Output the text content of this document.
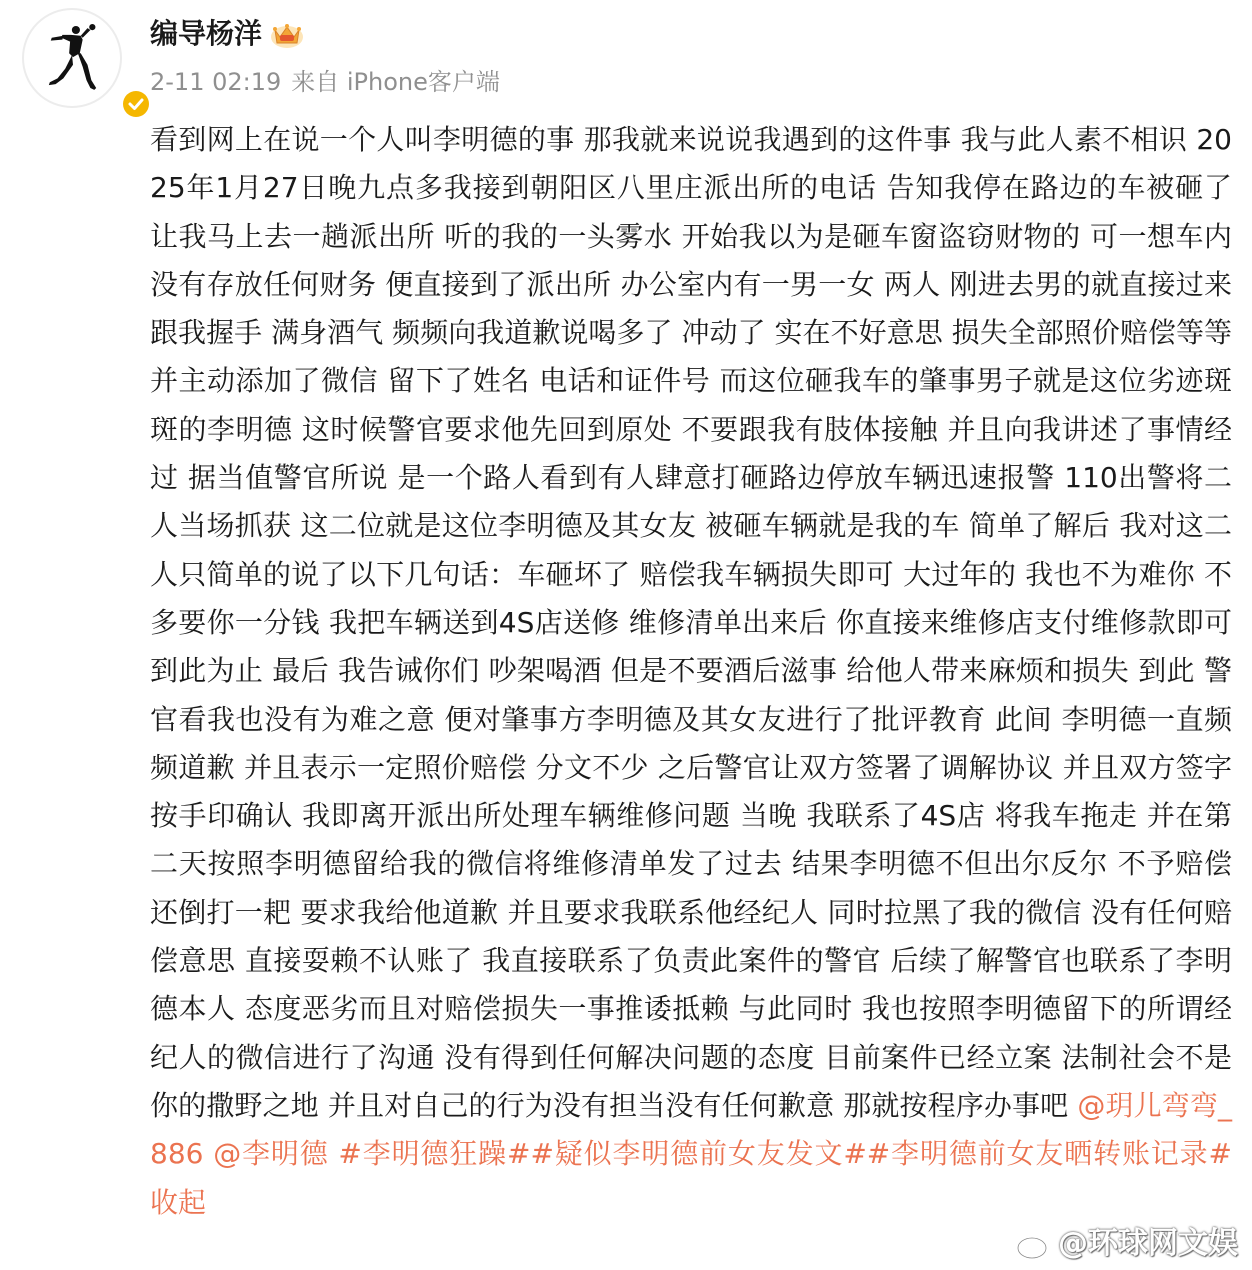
编导杨洋
2-11 02:19 来自 iPhone客户端
看到网上在说一个人叫李明德的事 那我就来说说我遇到的这件事 我与此人素不相识 2025年1月27日晚九点多我接到朝阳区八里庄派出所的电话 告知我停在路边的车被砸了 让我马上去一趟派出所 听的我的一头雾水 开始我以为是砸车窗盗窃财物的 可一想车内没有存放任何财务 便直接到了派出所 办公室内有一男一女 两人 刚进去男的就直接过来跟我握手 满身酒气 频频向我道歉说喝多了 冲动了 实在不好意思 损失全部照价赔偿等等 并主动添加了微信 留下了姓名 电话和证件号 而这位砸我车的肇事男子就是这位劣迹斑斑的李明德 这时候警官要求他先回到原处 不要跟我有肢体接触 并且向我讲述了事情经过 据当值警官所说 是一个路人看到有人肆意打砸路边停放车辆迅速报警 110出警将二人当场抓获 这二位就是这位李明德及其女友 被砸车辆就是我的车 简单了解后 我对这二人只简单的说了以下几句话：车砸坏了 赔偿我车辆损失即可 大过年的 我也不为难你 不多要你一分钱 我把车辆送到4S店送修 维修清单出来后 你直接来维修店支付维修款即可 到此为止 最后 我告诫你们 吵架喝酒 但是不要酒后滋事 给他人带来麻烦和损失 到此 警官看我也没有为难之意 便对肇事方李明德及其女友进行了批评教育 此间 李明德一直频频道歉 并且表示一定照价赔偿 分文不少 之后警官让双方签署了调解协议 并且双方签字按手印确认 我即离开派出所处理车辆维修问题 当晚 我联系了4S店 将我车拖走 并在第二天按照李明德留给我的微信将维修清单发了过去 结果李明德不但出尔反尔 不予赔偿 还倒打一耙 要求我给他道歉 并且要求我联系他经纪人 同时拉黑了我的微信 没有任何赔偿意思 直接耍赖不认账了 我直接联系了负责此案件的警官 后续了解警官也联系了李明德本人 态度恶劣而且对赔偿损失一事推诿抵赖 与此同时 我也按照李明德留下的所谓经纪人的微信进行了沟通 没有得到任何解决问题的态度 目前案件已经立案 法制社会不是你的撒野之地 并且对自己的行为没有担当没有任何歉意 那就按程序办事吧 @玥儿弯弯_886 @李明德 #李明德狂躁##疑似李明德前女友发文##李明德前女友晒转账记录# 收起
@环球网文娱
